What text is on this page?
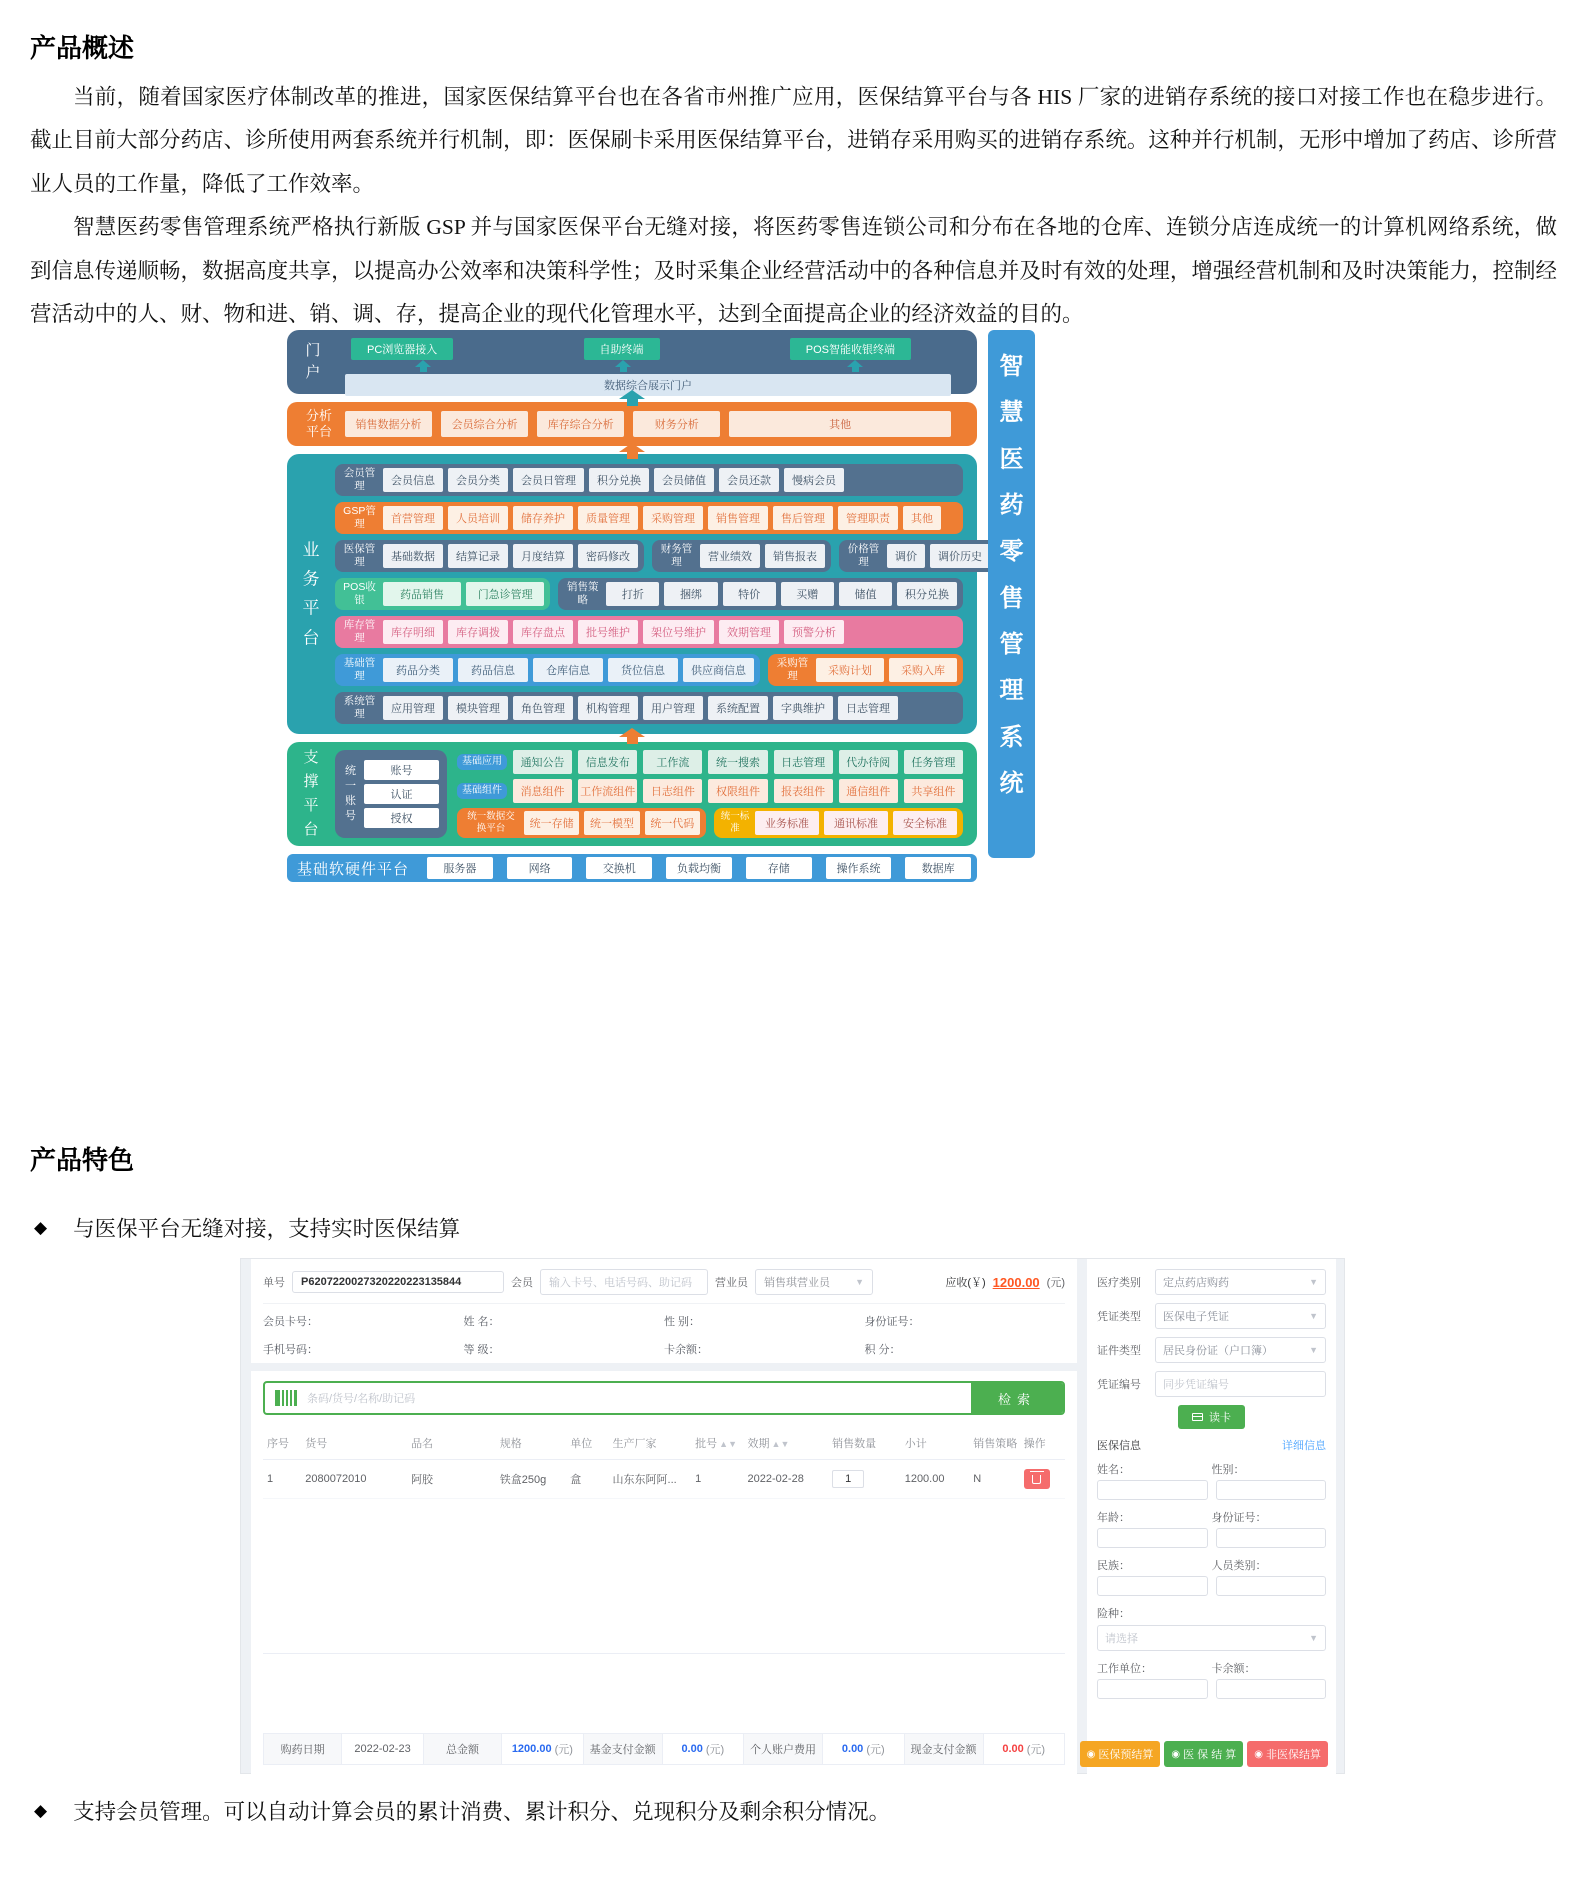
产品概述

当前，随着国家医疗体制改革的推进，国家医保结算平台也在各省市州推广应用，医保结算平台与各 HIS 厂家的进销存系统的接口对接工作也在稳步进行。截止目前大部分药店、诊所使用两套系统并行机制，即：医保刷卡采用医保结算平台，进销存采用购买的进销存系统。这种并行机制，无形中增加了药店、诊所营业人员的工作量，降低了工作效率。

智慧医药零售管理系统严格执行新版 GSP 并与国家医保平台无缝对接，将医药零售连锁公司和分布在各地的仓库、连锁分店连成统一的计算机网络系统，做到信息传递顺畅，数据高度共享，以提高办公效率和决策科学性；及时采集企业经营活动中的各种信息并及时有效的处理，增强经营机制和及时决策能力，控制经营活动中的人、财、物和进、销、调、存，提高企业的现代化管理水平，达到全面提高企业的经济效益的目的。

门户
PC浏览器接入	自助终端	POS智能收银终端
数据综合展示门户
分析平台	销售数据分析	会员综合分析	库存综合分析	财务分析	其他
业务平台
会员管理	会员信息	会员分类	会员日管理	积分兑换	会员储值	会员还款	慢病会员
GSP管理	首营管理	人员培训	储存养护	质量管理	采购管理	销售管理	售后管理	管理职责	其他
医保管理	基础数据	结算记录	月度结算	密码修改
财务管理	营业绩效	销售报表
价格管理	调价	调价历史
POS收银	药品销售	门急诊管理
销售策略	打折	捆绑	特价	买赠	储值	积分兑换
库存管理	库存明细	库存调拨	库存盘点	批号维护	架位号维护	效期管理	预警分析
基础管理	药品分类	药品信息	仓库信息	货位信息	供应商信息
采购管理	采购计划	采购入库
系统管理	应用管理	模块管理	角色管理	机构管理	用户管理	系统配置	字典维护	日志管理
支撑平台
统一账号
账号
认证
授权
基础应用	通知公告	信息发布	工作流	统一搜索	日志管理	代办待阅	任务管理
基础组件	消息组件	工作流组件	日志组件	权限组件	报表组件	通信组件	共享组件
统一数据交换平台	统一存储	统一模型	统一代码
统一标准	业务标准	通讯标准	安全标准
基础软硬件平台	服务器	网络	交换机	负载均衡	存储	操作系统	数据库
智慧医药零售管理系统
产品特色
◆ 与医保平台无缝对接，支持实时医保结算
单号	P6207220027320220223135844	会员	输入卡号、电话号码、助记码	营业员 销售琪营业员	▼	应收(￥) 1200.00 (元)
会员卡号：	姓 名：	性 别：	身份证号：
手机号码：	等 级：	卡余额：	积 分：
条码/货号/名称/助记码	检索
序号	货号	品名	规格	单位	生产厂家	批号 ▲▼	效期 ▲▼	销售数量	小计	销售策略	操作
1	2080072010	阿胶	铁盒250g	盒	山东东阿阿...	1	2022-02-28	1	1200.00	N	
购药日期	2022-02-23	总金额	1200.00 (元)	基金支付金额	0.00 (元)	个人账户费用	0.00 (元)	现金支付金额	0.00 (元)
医疗类别	定点药店购药	▼
凭证类型	医保电子凭证	▼
证件类型	居民身份证（户口簿）	▼
凭证编号	同步凭证编号
读卡
医保信息	详细信息
姓名：	性别：
年龄：	身份证号：
民族：	人员类别：
险种：
请选择	▼
工作单位：	卡余额：
◉ 医保预结算 ◉ 医 保 结 算 ◉ 非医保结算
◆ 支持会员管理。可以自动计算会员的累计消费、累计积分、兑现积分及剩余积分情况。
